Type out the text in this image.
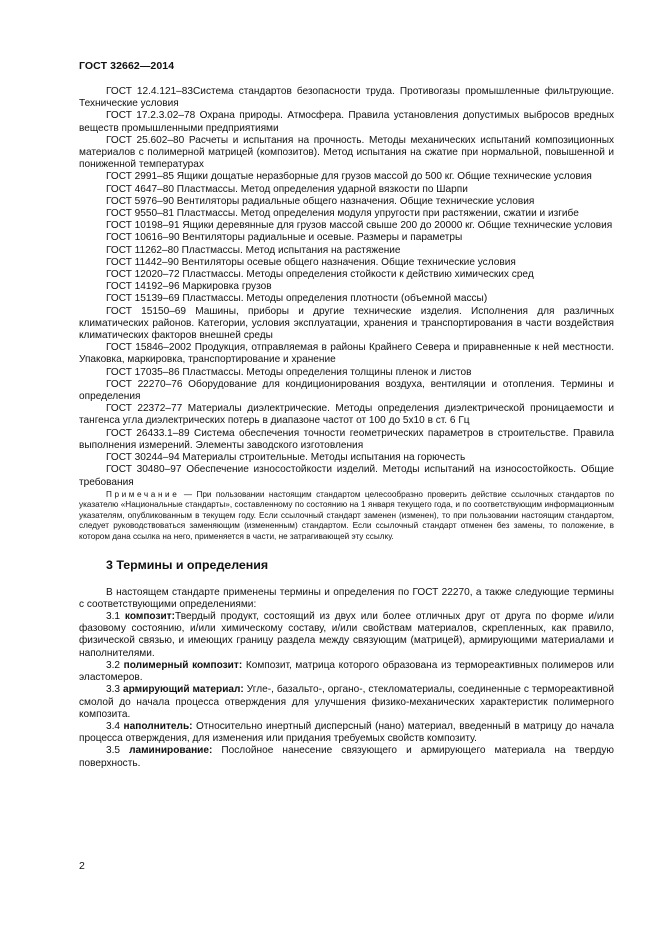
ГОСТ 32662—2014

ГОСТ 12.4.121–83Система стандартов безопасности труда. Противогазы промышленные фильтрующие. Технические условия

ГОСТ 17.2.3.02–78 Охрана природы. Атмосфера. Правила установления допустимых выбросов вредных веществ промышленными предприятиями

ГОСТ 25.602–80 Расчеты и испытания на прочность. Методы механических испытаний композиционных материалов с полимерной матрицей (композитов). Метод испытания на сжатие при нормальной, повышенной и пониженной температурах

ГОСТ 2991–85 Ящики дощатые неразборные для грузов массой до 500 кг. Общие технические условия

ГОСТ 4647–80 Пластмассы. Метод определения ударной вязкости по Шарпи

ГОСТ 5976–90 Вентиляторы радиальные общего назначения. Общие технические условия

ГОСТ 9550–81 Пластмассы. Метод определения модуля упругости при растяжении, сжатии и изгибе

ГОСТ 10198–91 Ящики деревянные для грузов массой свыше 200 до 20000 кг. Общие технические условия

ГОСТ 10616–90 Вентиляторы радиальные и осевые. Размеры и параметры

ГОСТ 11262–80 Пластмассы. Метод испытания на растяжение

ГОСТ 11442–90 Вентиляторы осевые общего назначения. Общие технические условия

ГОСТ 12020–72 Пластмассы. Методы определения стойкости к действию химических сред

ГОСТ 14192–96 Маркировка грузов

ГОСТ 15139–69 Пластмассы. Методы определения плотности (объемной массы)

ГОСТ 15150–69 Машины, приборы и другие технические изделия. Исполнения для различных климатических районов. Категории, условия эксплуатации, хранения и транспортирования в части воздействия климатических факторов внешней среды

ГОСТ 15846–2002 Продукция, отправляемая в районы Крайнего Севера и приравненные к ней местности. Упаковка, маркировка, транспортирование и хранение

ГОСТ 17035–86 Пластмассы. Методы определения толщины пленок и листов

ГОСТ 22270–76 Оборудование для кондиционирования воздуха, вентиляции и отопления. Термины и определения

ГОСТ 22372–77 Материалы диэлектрические. Методы определения диэлектрической проницаемости и тангенса угла диэлектрических потерь в диапазоне частот от 100 до 5x10 в ст. 6 Гц

ГОСТ 26433.1–89 Система обеспечения точности геометрических параметров в строительстве. Правила выполнения измерений. Элементы заводского изготовления

ГОСТ 30244–94 Материалы строительные. Методы испытания на горючесть

ГОСТ 30480–97 Обеспечение износостойкости изделий. Методы испытаний на износостойкость. Общие требования

Примечание — При пользовании настоящим стандартом целесообразно проверить действие ссылочных стандартов по указателю «Национальные стандарты», составленному по состоянию на 1 января текущего года, и по соответствующим информационным указателям, опубликованным в текущем году. Если ссылочный стандарт заменен (изменен), то при пользовании настоящим стандартом, следует руководствоваться заменяющим (измененным) стандартом. Если ссылочный стандарт отменен без замены, то положение, в котором дана ссылка на него, применяется в части, не затрагивающей эту ссылку.

3 Термины и определения

В настоящем стандарте применены термины и определения по ГОСТ 22270, а также следующие термины с соответствующими определениями:

3.1 композит:Твердый продукт, состоящий из двух или более отличных друг от друга по форме и/или фазовому состоянию, и/или химическому составу, и/или свойствам материалов, скрепленных, как правило, физической связью, и имеющих границу раздела между связующим (матрицей), армирующими материалами и наполнителями.

3.2 полимерный композит: Композит, матрица которого образована из термореактивных полимеров или эластомеров.

3.3 армирующий материал: Угле-, базальто-, органо-, стекломатериалы, соединенные с термореактивной смолой до начала процесса отверждения для улучшения физико-механических характеристик полимерного композита.

3.4 наполнитель: Относительно инертный дисперсный (нано) материал, введенный в матрицу до начала процесса отверждения, для изменения или придания требуемых свойств композиту.

3.5 ламинирование: Послойное нанесение связующего и армирующего материала на твердую поверхность.

2
